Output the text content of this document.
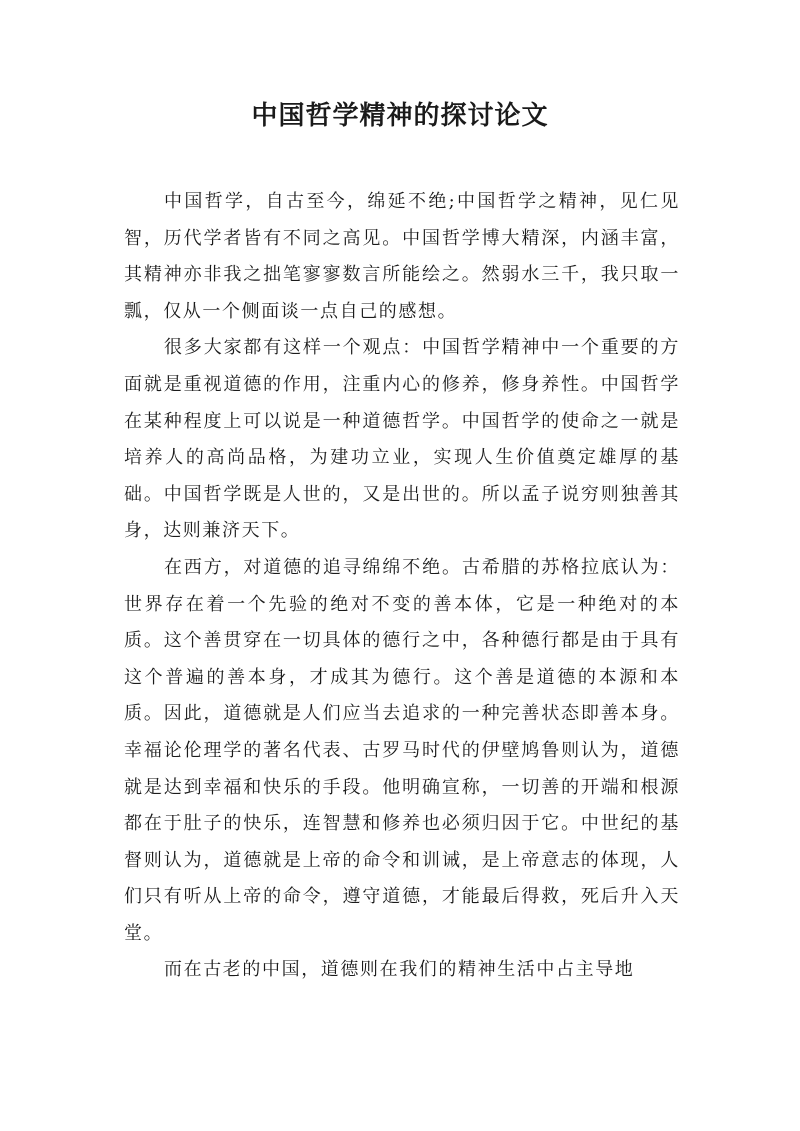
中国哲学精神的探讨论文

中国哲学，自古至今，绵延不绝;中国哲学之精神，见仁见智，历代学者皆有不同之高见。中国哲学博大精深，内涵丰富，其精神亦非我之拙笔寥寥数言所能绘之。然弱水三千，我只取一瓢，仅从一个侧面谈一点自己的感想。

很多大家都有这样一个观点：中国哲学精神中一个重要的方面就是重视道德的作用，注重内心的修养，修身养性。中国哲学在某种程度上可以说是一种道德哲学。中国哲学的使命之一就是培养人的高尚品格，为建功立业，实现人生价值奠定雄厚的基础。中国哲学既是人世的，又是出世的。所以孟子说穷则独善其身，达则兼济天下。

在西方，对道德的追寻绵绵不绝。古希腊的苏格拉底认为：世界存在着一个先验的绝对不变的善本体，它是一种绝对的本质。这个善贯穿在一切具体的德行之中，各种德行都是由于具有这个普遍的善本身，才成其为德行。这个善是道德的本源和本质。因此，道德就是人们应当去追求的一种完善状态即善本身。幸福论伦理学的著名代表、古罗马时代的伊壁鸠鲁则认为，道德就是达到幸福和快乐的手段。他明确宣称，一切善的开端和根源都在于肚子的快乐，连智慧和修养也必须归因于它。中世纪的基督则认为，道德就是上帝的命令和训诫，是上帝意志的体现，人们只有听从上帝的命令，遵守道德，才能最后得救，死后升入天堂。

而在古老的中国，道德则在我们的精神生活中占主导地
